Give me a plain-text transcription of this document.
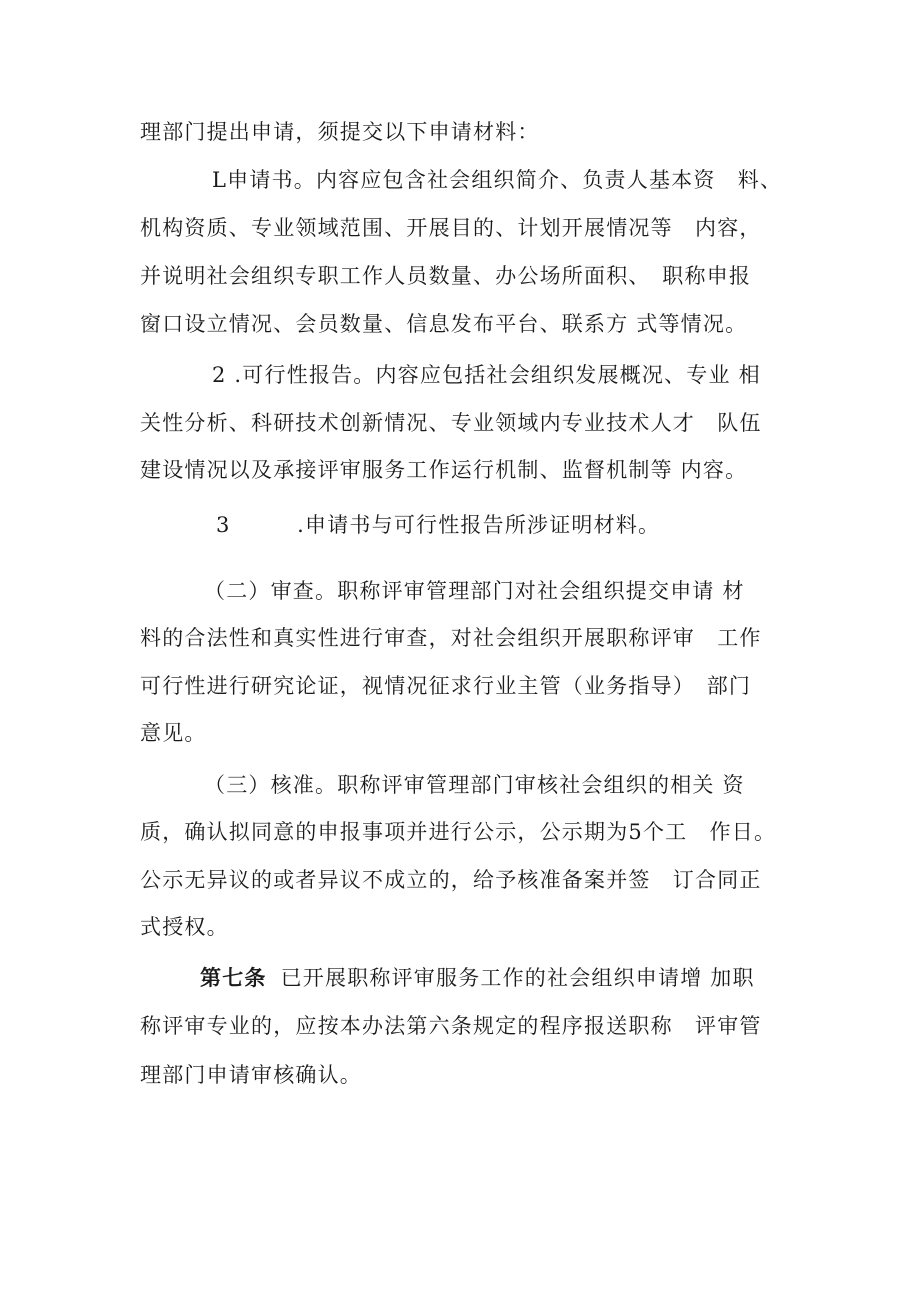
理部门提出申请，须提交以下申请材料：
L申请书。内容应包含社会组织简介、负责人基本资　料、
机构资质、专业领域范围、开展目的、计划开展情况等　内容，
并说明社会组织专职工作人员数量、办公场所面积、　职称申报
窗口设立情况、会员数量、信息发布平台、联系方 式等情况。
2 .可行性报告。内容应包括社会组织发展概况、专业 相
关性分析、科研技术创新情况、专业领域内专业技术人才　队伍
建设情况以及承接评审服务工作运行机制、监督机制等 内容。
3　　　.申请书与可行性报告所涉证明材料。
（二）审查。职称评审管理部门对社会组织提交申请 材
料的合法性和真实性进行审查，对社会组织开展职称评审　工作
可行性进行研究论证，视情况征求行业主管（业务指导）　部门
意见。
（三）核准。职称评审管理部门审核社会组织的相关 资
质，确认拟同意的申报事项并进行公示，公示期为5个工　作日。
公示无异议的或者异议不成立的，给予核准备案并签　订合同正
式授权。
第七条 已开展职称评审服务工作的社会组织申请增 加职
称评审专业的，应按本办法第六条规定的程序报送职称　评审管
理部门申请审核确认。
